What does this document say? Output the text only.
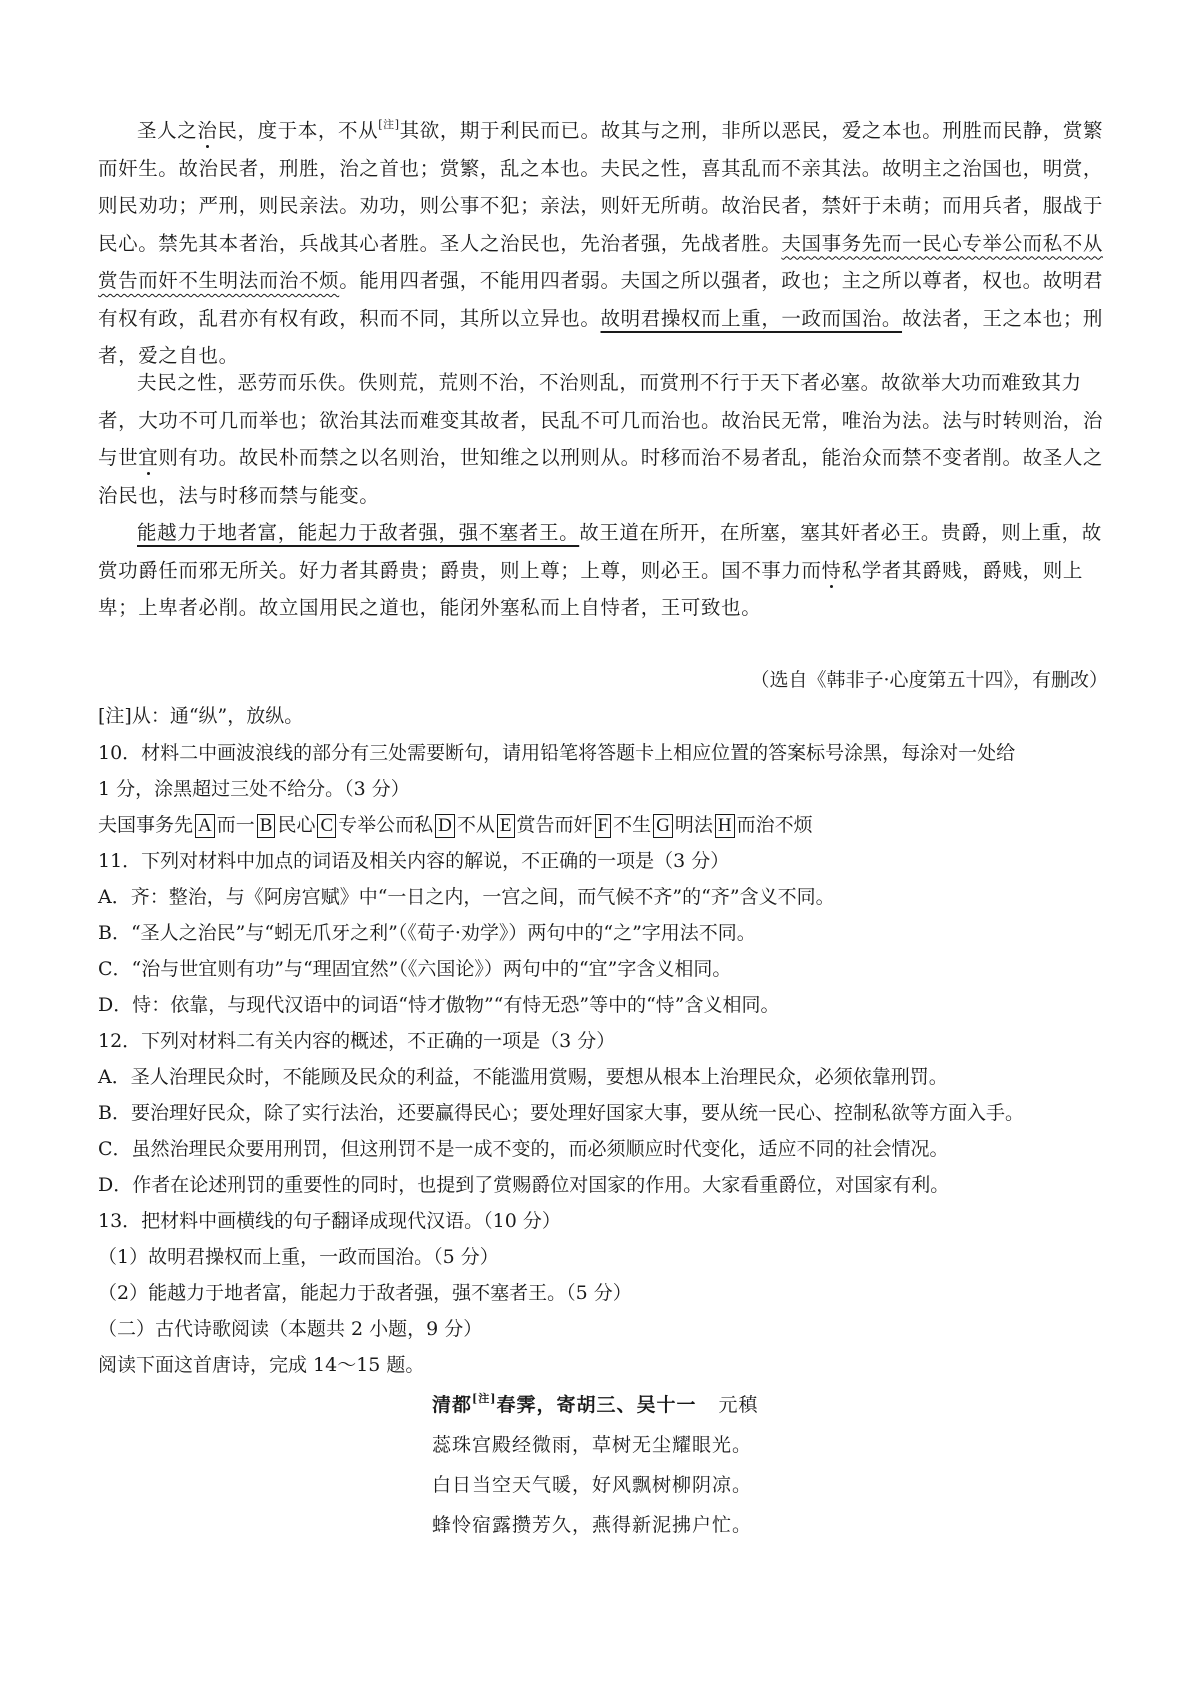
圣人之治民，度于本，不从[注]其欲，期于利民而已。故其与之刑，非所以恶民，爱之本也。刑胜而民静，赏繁而奸生。故治民者，刑胜，治之首也；赏繁，乱之本也。夫民之性，喜其乱而不亲其法。故明主之治国也，明赏，则民劝功；严刑，则民亲法。劝功，则公事不犯；亲法，则奸无所萌。故治民者，禁奸于未萌；而用兵者，服战于民心。禁先其本者治，兵战其心者胜。圣人之治民也，先治者强，先战者胜。夫国事务先而一民心专举公而私不从赏告而奸不生明法而治不烦。能用四者强，不能用四者弱。夫国之所以强者，政也；主之所以尊者，权也。故明君有权有政，乱君亦有权有政，积而不同，其所以立异也。故明君操权而上重，一政而国治。故法者，王之本也；刑者，爱之自也。

夫民之性，恶劳而乐佚。佚则荒，荒则不治，不治则乱，而赏刑不行于天下者必塞。故欲举大功而难致其力者，大功不可几而举也；欲治其法而难变其故者，民乱不可几而治也。故治民无常，唯治为法。法与时转则治，治与世宜则有功。故民朴而禁之以名则治，世知维之以刑则从。时移而治不易者乱，能治众而禁不变者削。故圣人之治民也，法与时移而禁与能变。

能越力于地者富，能起力于敌者强，强不塞者王。故王道在所开，在所塞，塞其奸者必王。贵爵，则上重，故赏功爵任而邪无所关。好力者其爵贵；爵贵，则上尊；上尊，则必王。国不事力而恃私学者其爵贱，爵贱，则上卑；上卑者必削。故立国用民之道也，能闭外塞私而上自恃者，王可致也。

（选自《韩非子·心度第五十四》，有删改）

[注]从：通“纵”，放纵。

10．材料二中画波浪线的部分有三处需要断句，请用铅笔将答题卡上相应位置的答案标号涂黑，每涂对一处给

1 分，涂黑超过三处不给分。（3 分）

夫国事务先 A 而一 B 民心 C 专举公而私 D 不从 E 赏告而奸 F 不生 G 明法 H 而治不烦

11．下列对材料中加点的词语及相关内容的解说，不正确的一项是（3 分）

A．齐：整治，与《阿房宫赋》中“一日之内，一宫之间，而气候不齐”的“齐”含义不同。

B．“圣人之治民”与“蚓无爪牙之利”（《荀子·劝学》）两句中的“之”字用法不同。

C．“治与世宜则有功”与“理固宜然”（《六国论》）两句中的“宜”字含义相同。

D．恃：依靠，与现代汉语中的词语“恃才傲物”“有恃无恐”等中的“恃”含义相同。

12．下列对材料二有关内容的概述，不正确的一项是（3 分）

A．圣人治理民众时，不能顾及民众的利益，不能滥用赏赐，要想从根本上治理民众，必须依靠刑罚。

B．要治理好民众，除了实行法治，还要赢得民心；要处理好国家大事，要从统一民心、控制私欲等方面入手。

C．虽然治理民众要用刑罚，但这刑罚不是一成不变的，而必须顺应时代变化，适应不同的社会情况。

D．作者在论述刑罚的重要性的同时，也提到了赏赐爵位对国家的作用。大家看重爵位，对国家有利。

13．把材料中画横线的句子翻译成现代汉语。（10 分）

（1）故明君操权而上重，一政而国治。（5 分）

（2）能越力于地者富，能起力于敌者强，强不塞者王。（5 分）

（二）古代诗歌阅读（本题共 2 小题，9 分）

阅读下面这首唐诗，完成 14～15 题。

清都[注]春霁，寄胡三、吴十一 元稹
蕊珠宫殿经微雨，草树无尘耀眼光。
白日当空天气暖，好风飘树柳阴凉。
蜂怜宿露攒芳久，燕得新泥拂户忙。
